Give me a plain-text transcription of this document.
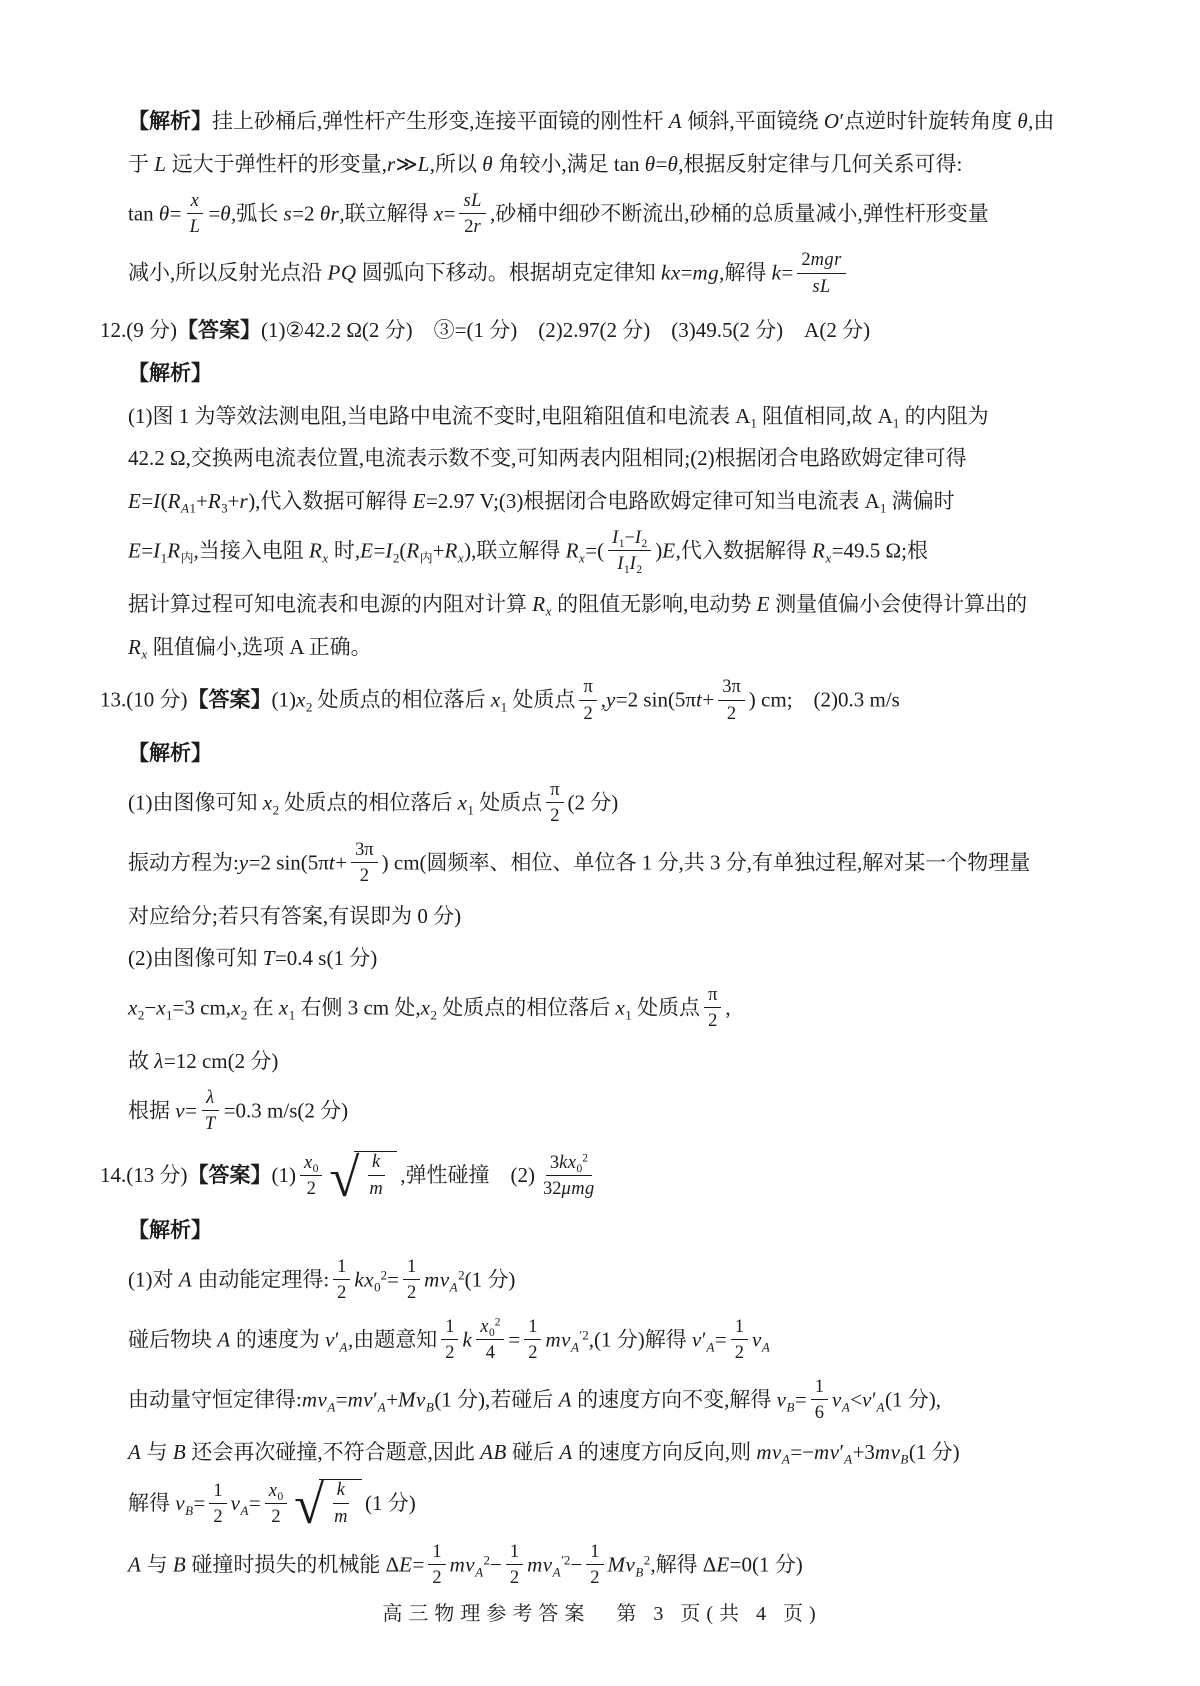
【解析】挂上砂桶后,弹性杆产生形变,连接平面镜的刚性杆 A 倾斜,平面镜绕 O′点逆时针旋转角度 θ,由
于 L 远大于弹性杆的形变量,r≫L,所以 θ 角较小,满足 tan θ=θ,根据反射定律与几何关系可得:
$\tan \theta= \frac{x}{L} =\theta$,弧长 s=2 θr,联立解得 $x= \frac{sL}{2r}$ ,砂桶中细砂不断流出,砂桶的总质量减小,弹性杆形变量
减小,所以反射光点沿 PQ 圆弧向下移动。根据胡克定律知 kx=mg,解得 $k= \frac{\text{2mgr}}{sL}$
12.(9 分)【答案】(1)②42.2 Ω(2 分)　③=(1 分)　(2)2.97(2 分)　(3)49.5(2 分)　A(2 分)
【解析】
(1)图 1 为等效法测电阻,当电路中电流不变时,电阻箱阻值和电流表 $A_1$ 阻值相同,故 $A_1$ 的内阻为
42.2 Ω,交换两电流表位置,电流表示数不变,可知两表内阻相同;(2)根据闭合电路欧姆定律可得
$E=I(R_{A1}+R_3+r)$,代入数据可解得 E=2.97 V;(3)根据闭合电路欧姆定律可知当电流表 $A_1$ 满偏时
$E=I_1R_内$,当接入电阻 $R_x$ 时$,E=I_2(R_内+R_x)$,联立解得 $R_x=( \frac{I_1-I_2}{I_1I_2} )E$,代入数据解得 $R_x=49.5$ Ω;根
据计算过程可知电流表和电源的内阻对计算 $R_x$ 的阻值无影响,电动势 E 测量值偏小会使得计算出的
$R_x$ 阻值偏小,选项 A 正确。
13.(10 分)【答案】$(1)x_2$ 处质点的相位落后 $x_1$ 处质点 $\frac{\pi}{2} ,y=2$ $\sin(5\pi t+ \frac{3\pi}{2}$ ) cm;　(2)0.3 m/s
【解析】
(1)由图像可知 $x_2$ 处质点的相位落后 $x_1$ 处质点 $\frac{\pi}{2} (2$ 分)
振动方程为:y=2 $\sin(5\pi t+ \frac{3\pi}{2}$ ) cm(圆频率、相位、单位各 1 分,共 3 分,有单独过程,解对某一个物理量
对应给分;若只有答案,有误即为 0 分)
(2)由图像可知 T=0.4 s(1 分)
$x_2-x_1=3$ $cm,x_2$ 在 $x_1$ 右侧 3 cm 处$,x_2$ 处质点的相位落后 $x_1$ 处质点 $\frac{\pi}{2}$ ,
故 λ=12 cm(2 分)
根据 $v= \frac{\lambda}{T} =0.3$ m/s(2 分)
14.(13 分)【答案】$(1) \frac{x_0}{2}$ √ $\frac{k}{m}$ ,弹性碰撞　$(2) \frac{3kx_0^2}{\text{32μmg}}$
【解析】
(1)对 A 由动能定理得: $\frac{1}{2} kx_0^2= \frac{1}{2} mv_A^2(1$ 分)
碰后物块 A 的速度为 $v'_A$,由题意知 $\frac{1}{2}$ k $\frac{x_0^2}{4} = \frac{1}{2} mv_A^{'2},(1$ 分)解得 $v'_A= \frac{1}{2} v_A$
由动量守恒定律得$:mv_A=mv'_A+Mv_B(1$ 分),若碰后 A 的速度方向不变,解得 $v_B= \frac{1}{6} v_A<v'_A(1$ 分),
A 与 B 还会再次碰撞,不符合题意,因此 AB 碰后 A 的速度方向反向,则 $mv_A=-mv'_A+3mv_B(1$ 分)
解得 $v_B= \frac{1}{2} v_A= \frac{x_0}{2}$ √ $\frac{k}{m} (1$ 分)
A 与 B 碰撞时损失的机械能 $\Delta E= \frac{1}{2} mv_A^2- \frac{1}{2} mv_A^{'2}- \frac{1}{2} Mv_B^2$,解得 ΔE=0(1 分)
高三物理参考答案　第 3 页(共 4 页)
